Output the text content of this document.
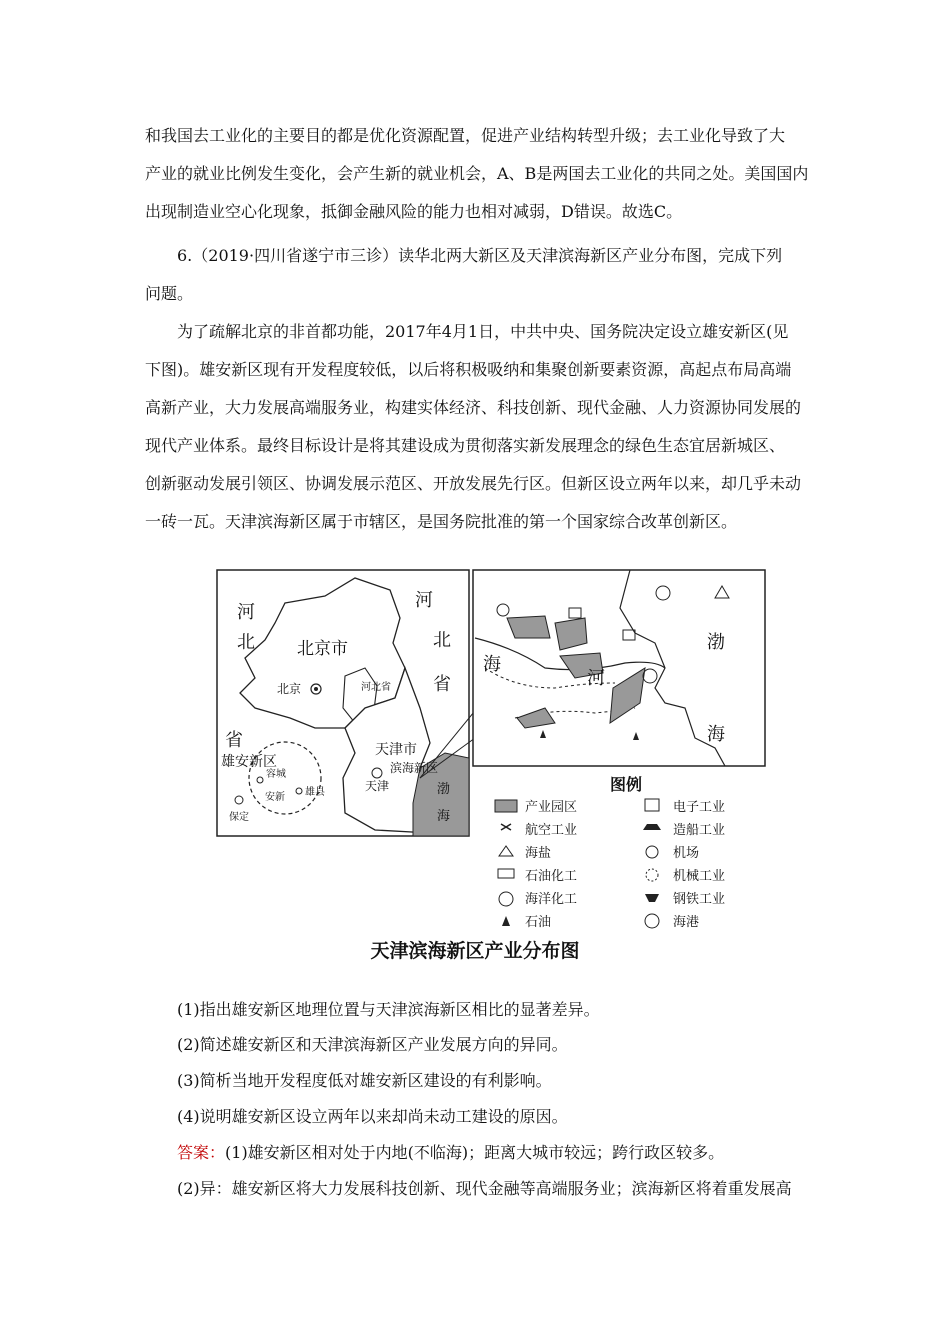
和我国去工业化的主要目的都是优化资源配置，促进产业结构转型升级；去工业化导致了大
产业的就业比例发生变化，会产生新的就业机会，A、B是两国去工业化的共同之处。美国国内
出现制造业空心化现象，抵御金融风险的能力也相对减弱，D错误。故选C。
6.（2019·四川省遂宁市三诊）读华北两大新区及天津滨海新区产业分布图，完成下列
问题。
为了疏解北京的非首都功能，2017年4月1日，中共中央、国务院决定设立雄安新区(见
下图)。雄安新区现有开发程度较低，以后将积极吸纳和集聚创新要素资源，高起点布局高端
高新产业，大力发展高端服务业，构建实体经济、科技创新、现代金融、人力资源协同发展的
现代产业体系。最终目标设计是将其建设成为贯彻落实新发展理念的绿色生态宜居新城区、
创新驱动发展引领区、协调发展示范区、开放发展先行区。但新区设立两年以来，却几乎未动
一砖一瓦。天津滨海新区属于市辖区，是国务院批准的第一个国家综合改革创新区。
河
北
河
北
省
省
北京市
北京	河北省
雄安新区
容城
安新 雄县
保定
天津市
滨海新区
天津	渤
海
海
河
渤
海
图例
产业园区
航空工业
海盐
石油化工
海洋化工
石油
电子工业
造船工业
机场
机械工业
钢铁工业
海港
天津滨海新区产业分布图

(1)指出雄安新区地理位置与天津滨海新区相比的显著差异。

(2)简述雄安新区和天津滨海新区产业发展方向的异同。

(3)简析当地开发程度低对雄安新区建设的有利影响。

(4)说明雄安新区设立两年以来却尚未动工建设的原因。

答案：(1)雄安新区相对处于内地(不临海)；距离大城市较远；跨行政区较多。

(2)异：雄安新区将大力发展科技创新、现代金融等高端服务业；滨海新区将着重发展高
